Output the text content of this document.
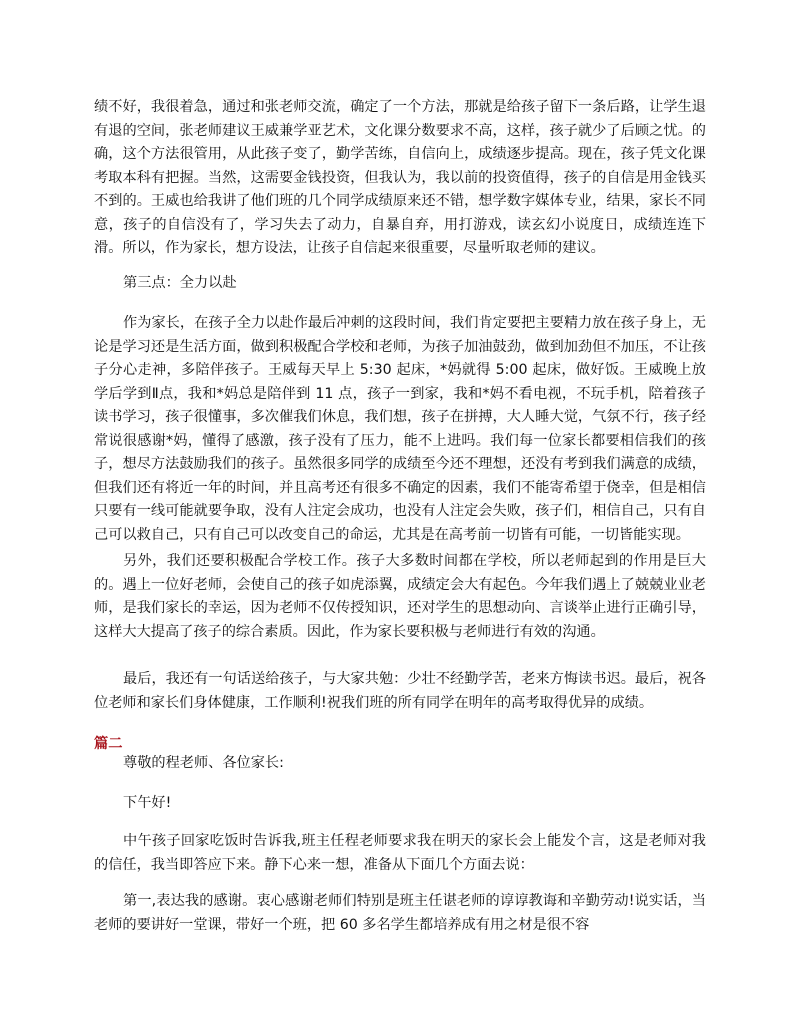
绩不好，我很着急，通过和张老师交流，确定了一个方法，那就是给孩子留下一条后路，让学生退有退的空间，张老师建议王威兼学亚艺术，文化课分数要求不高，这样，孩子就少了后顾之忧。的确，这个方法很管用，从此孩子变了，勤学苦练，自信向上，成绩逐步提高。现在，孩子凭文化课考取本科有把握。当然，这需要金钱投资，但我认为，我以前的投资值得，孩子的自信是用金钱买不到的。王威也给我讲了他们班的几个同学成绩原来还不错，想学数字媒体专业，结果，家长不同意，孩子的自信没有了，学习失去了动力，自暴自弃，用打游戏，读玄幻小说度日，成绩连连下滑。所以，作为家长，想方设法，让孩子自信起来很重要，尽量听取老师的建议。

第三点：全力以赴

作为家长，在孩子全力以赴作最后冲刺的这段时间，我们肯定要把主要精力放在孩子身上，无论是学习还是生活方面，做到积极配合学校和老师，为孩子加油鼓劲，做到加劲但不加压，不让孩子分心走神，多陪伴孩子。王威每天早上 5:30 起床，*妈就得 5:00 起床，做好饭。王威晚上放学后学到Ⅱ点，我和*妈总是陪伴到 11 点，孩子一到家，我和*妈不看电视，不玩手机，陪着孩子读书学习，孩子很懂事，多次催我们休息，我们想，孩子在拼搏，大人睡大觉，气氛不行，孩子经常说很感谢*妈，懂得了感激，孩子没有了压力，能不上进吗。我们每一位家长都要相信我们的孩子，想尽方法鼓励我们的孩子。虽然很多同学的成绩至今还不理想，还没有考到我们满意的成绩，但我们还有将近一年的时间，并且高考还有很多不确定的因素，我们不能寄希望于侥幸，但是相信只要有一线可能就要争取，没有人注定会成功，也没有人注定会失败，孩子们，相信自己，只有自己可以救自己，只有自己可以改变自己的命运，尤其是在高考前一切皆有可能，一切皆能实现。

另外，我们还要积极配合学校工作。孩子大多数时间都在学校，所以老师起到的作用是巨大的。遇上一位好老师，会使自己的孩子如虎添翼，成绩定会大有起色。今年我们遇上了兢兢业业老师，是我们家长的幸运，因为老师不仅传授知识，还对学生的思想动向、言谈举止进行正确引导，这样大大提高了孩子的综合素质。因此，作为家长要积极与老师进行有效的沟通。

最后，我还有一句话送给孩子，与大家共勉：少壮不经勤学苦，老来方悔读书迟。最后，祝各位老师和家长们身体健康，工作顺利!祝我们班的所有同学在明年的高考取得优异的成绩。

篇二

尊敬的程老师、各位家长:

下午好!

中午孩子回家吃饭时告诉我,班主任程老师要求我在明天的家长会上能发个言，这是老师对我的信任，我当即答应下来。静下心来一想，准备从下面几个方面去说：

第一,表达我的感谢。衷心感谢老师们特别是班主任谌老师的谆谆教诲和辛勤劳动!说实话，当老师的要讲好一堂课，带好一个班，把 60 多名学生都培养成有用之材是很不容
